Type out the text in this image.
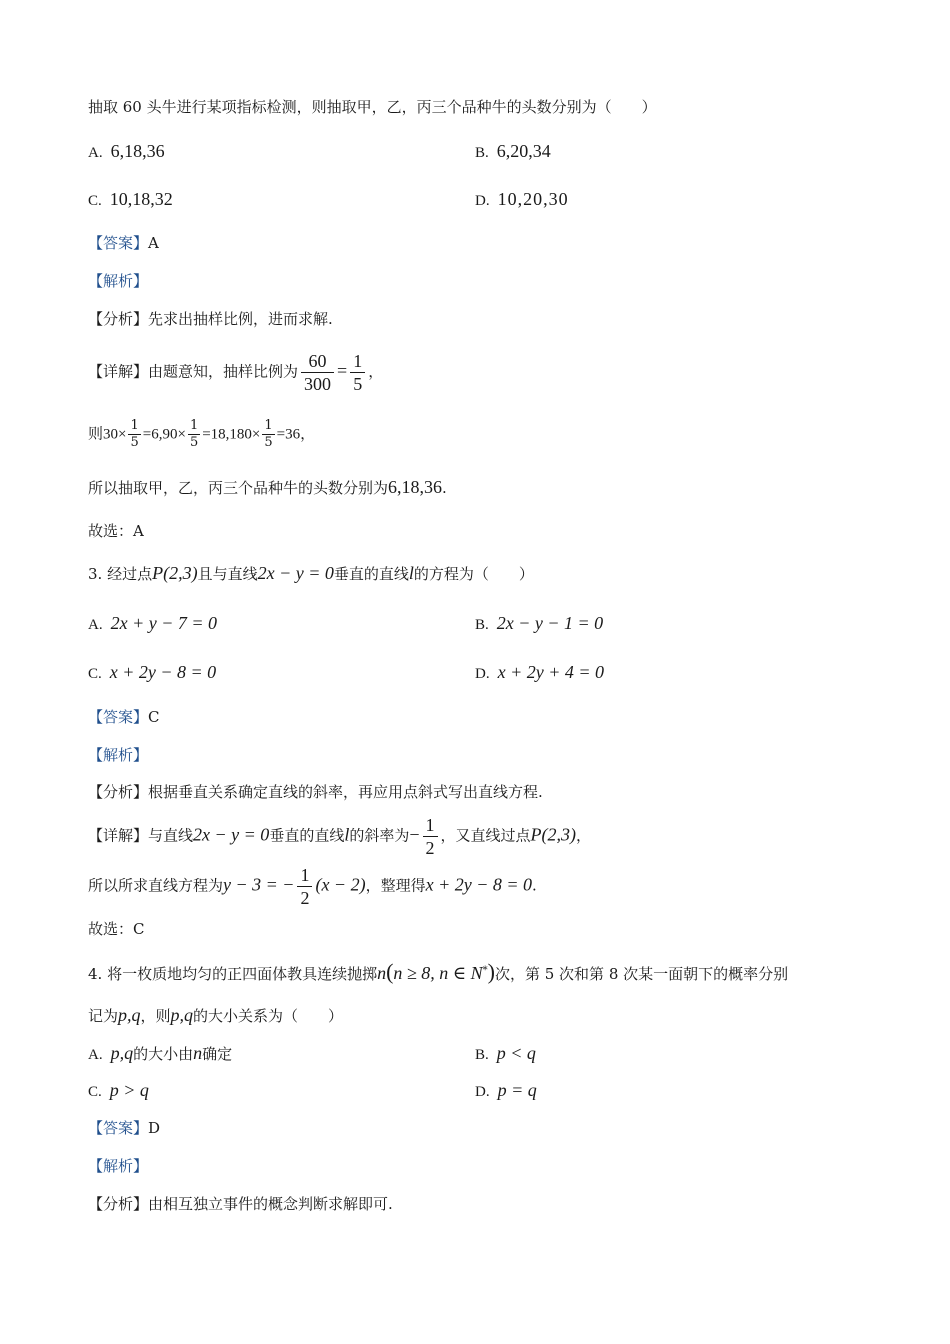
抽取 60 头牛进行某项指标检测，则抽取甲，乙，丙三个品种牛的头数分别为（　　）
A. 6,18,36	B. 6,20,34
C. 10,18,32	D. 10,20,30
【答案】A
【解析】
【分析】先求出抽样比例，进而求解.
【详解】由题意知，抽样比例为 $\frac{60}{300} = \frac{1}{5}$ ，
则$30\times \frac{1}{5} =6,90\times \frac{1}{5} =18,180\times \frac{1}{5} =36$，
所以抽取甲，乙，丙三个品种牛的头数分别为6,18,36.
故选：A
3. 经过点P(2,3)且与直线2x − y = 0垂直的直线l的方程为（　　）
A. 2x + y − 7 = 0	B. 2x − y − 1 = 0
C. x + 2y − 8 = 0	D. x + 2y + 4 = 0
【答案】C
【解析】
【分析】根据垂直关系确定直线的斜率，再应用点斜式写出直线方程.
【详解】与直线2x − y = 0垂直的直线l的斜率为− $\frac{1}{2}$ ，又直线过点P(2,3)，
所以所求直线方程为y − 3 = − $\frac{1}{2} (x - 2)$，整理得x + 2y − 8 = 0.
故选：C
4. 将一枚质地均匀的正四面体教具连续抛掷n(n ≥ 8, n ∈ N*)次，第 5 次和第 8 次某一面朝下的概率分别
记为p,q，则p,q的大小关系为（　　）
A. p,q的大小由n确定	B. p < q
C. p > q	D. p = q
【答案】D
【解析】
【分析】由相互独立事件的概念判断求解即可.
